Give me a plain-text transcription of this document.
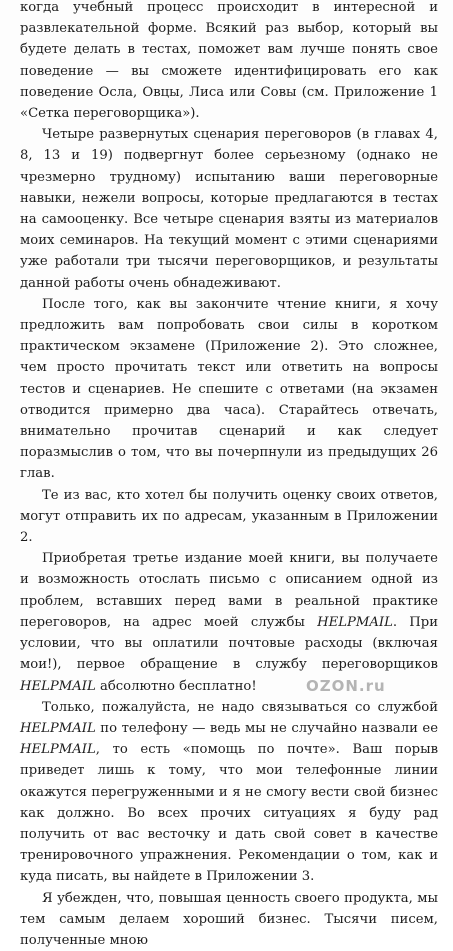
когда учебный процесс происходит в интересной и развлекательной форме. Всякий раз выбор, который вы будете делать в тестах, поможет вам лучше понять свое поведение — вы сможете идентифицировать его как поведение Осла, Овцы, Лиса или Совы (см. Приложение 1 «Сетка переговорщика»).

Четыре развернутых сценария переговоров (в главах 4, 8, 13 и 19) подвергнут более серьезному (однако не чрезмерно трудному) испытанию ваши переговорные навыки, нежели вопросы, которые предлагаются в тестах на самооценку. Все четыре сценария взяты из материалов моих семинаров. На текущий момент с этими сценариями уже работали три тысячи переговорщиков, и результаты данной работы очень обнадеживают.

После того, как вы закончите чтение книги, я хочу предложить вам попробовать свои силы в коротком практическом экзамене (Приложение 2). Это сложнее, чем просто прочитать текст или ответить на вопросы тестов и сценариев. Не спешите с ответами (на экзамен отводится примерно два часа). Старайтесь отвечать, внимательно прочитав сценарий и как следует поразмыслив о том, что вы почерпнули из предыдущих 26 глав.

Те из вас, кто хотел бы получить оценку своих ответов, могут отправить их по адресам, указанным в Приложении 2.

Приобретая третье издание моей книги, вы получаете и возможность отослать письмо с описанием одной из проблем, вставших перед вами в реальной практике переговоров, на адрес моей службы HELPMAIL. При условии, что вы оплатили почтовые расходы (включая мои!), первое обращение в службу переговорщиков HELPMAIL абсолютно бесплатно!

Только, пожалуйста, не надо связываться со службой HELPMAIL по телефону — ведь мы не случайно назвали ее HELPMAIL, то есть «помощь по почте». Ваш порыв приведет лишь к тому, что мои телефонные линии окажутся перегруженными и я не смогу вести свой бизнес как должно. Во всех прочих ситуациях я буду рад получить от вас весточку и дать свой совет в качестве тренировочного упражнения. Рекомендации о том, как и куда писать, вы найдете в Приложении 3.

Я убежден, что, повышая ценность своего продукта, мы тем самым делаем хороший бизнес. Тысячи писем, полученные мною

OZON.ru
